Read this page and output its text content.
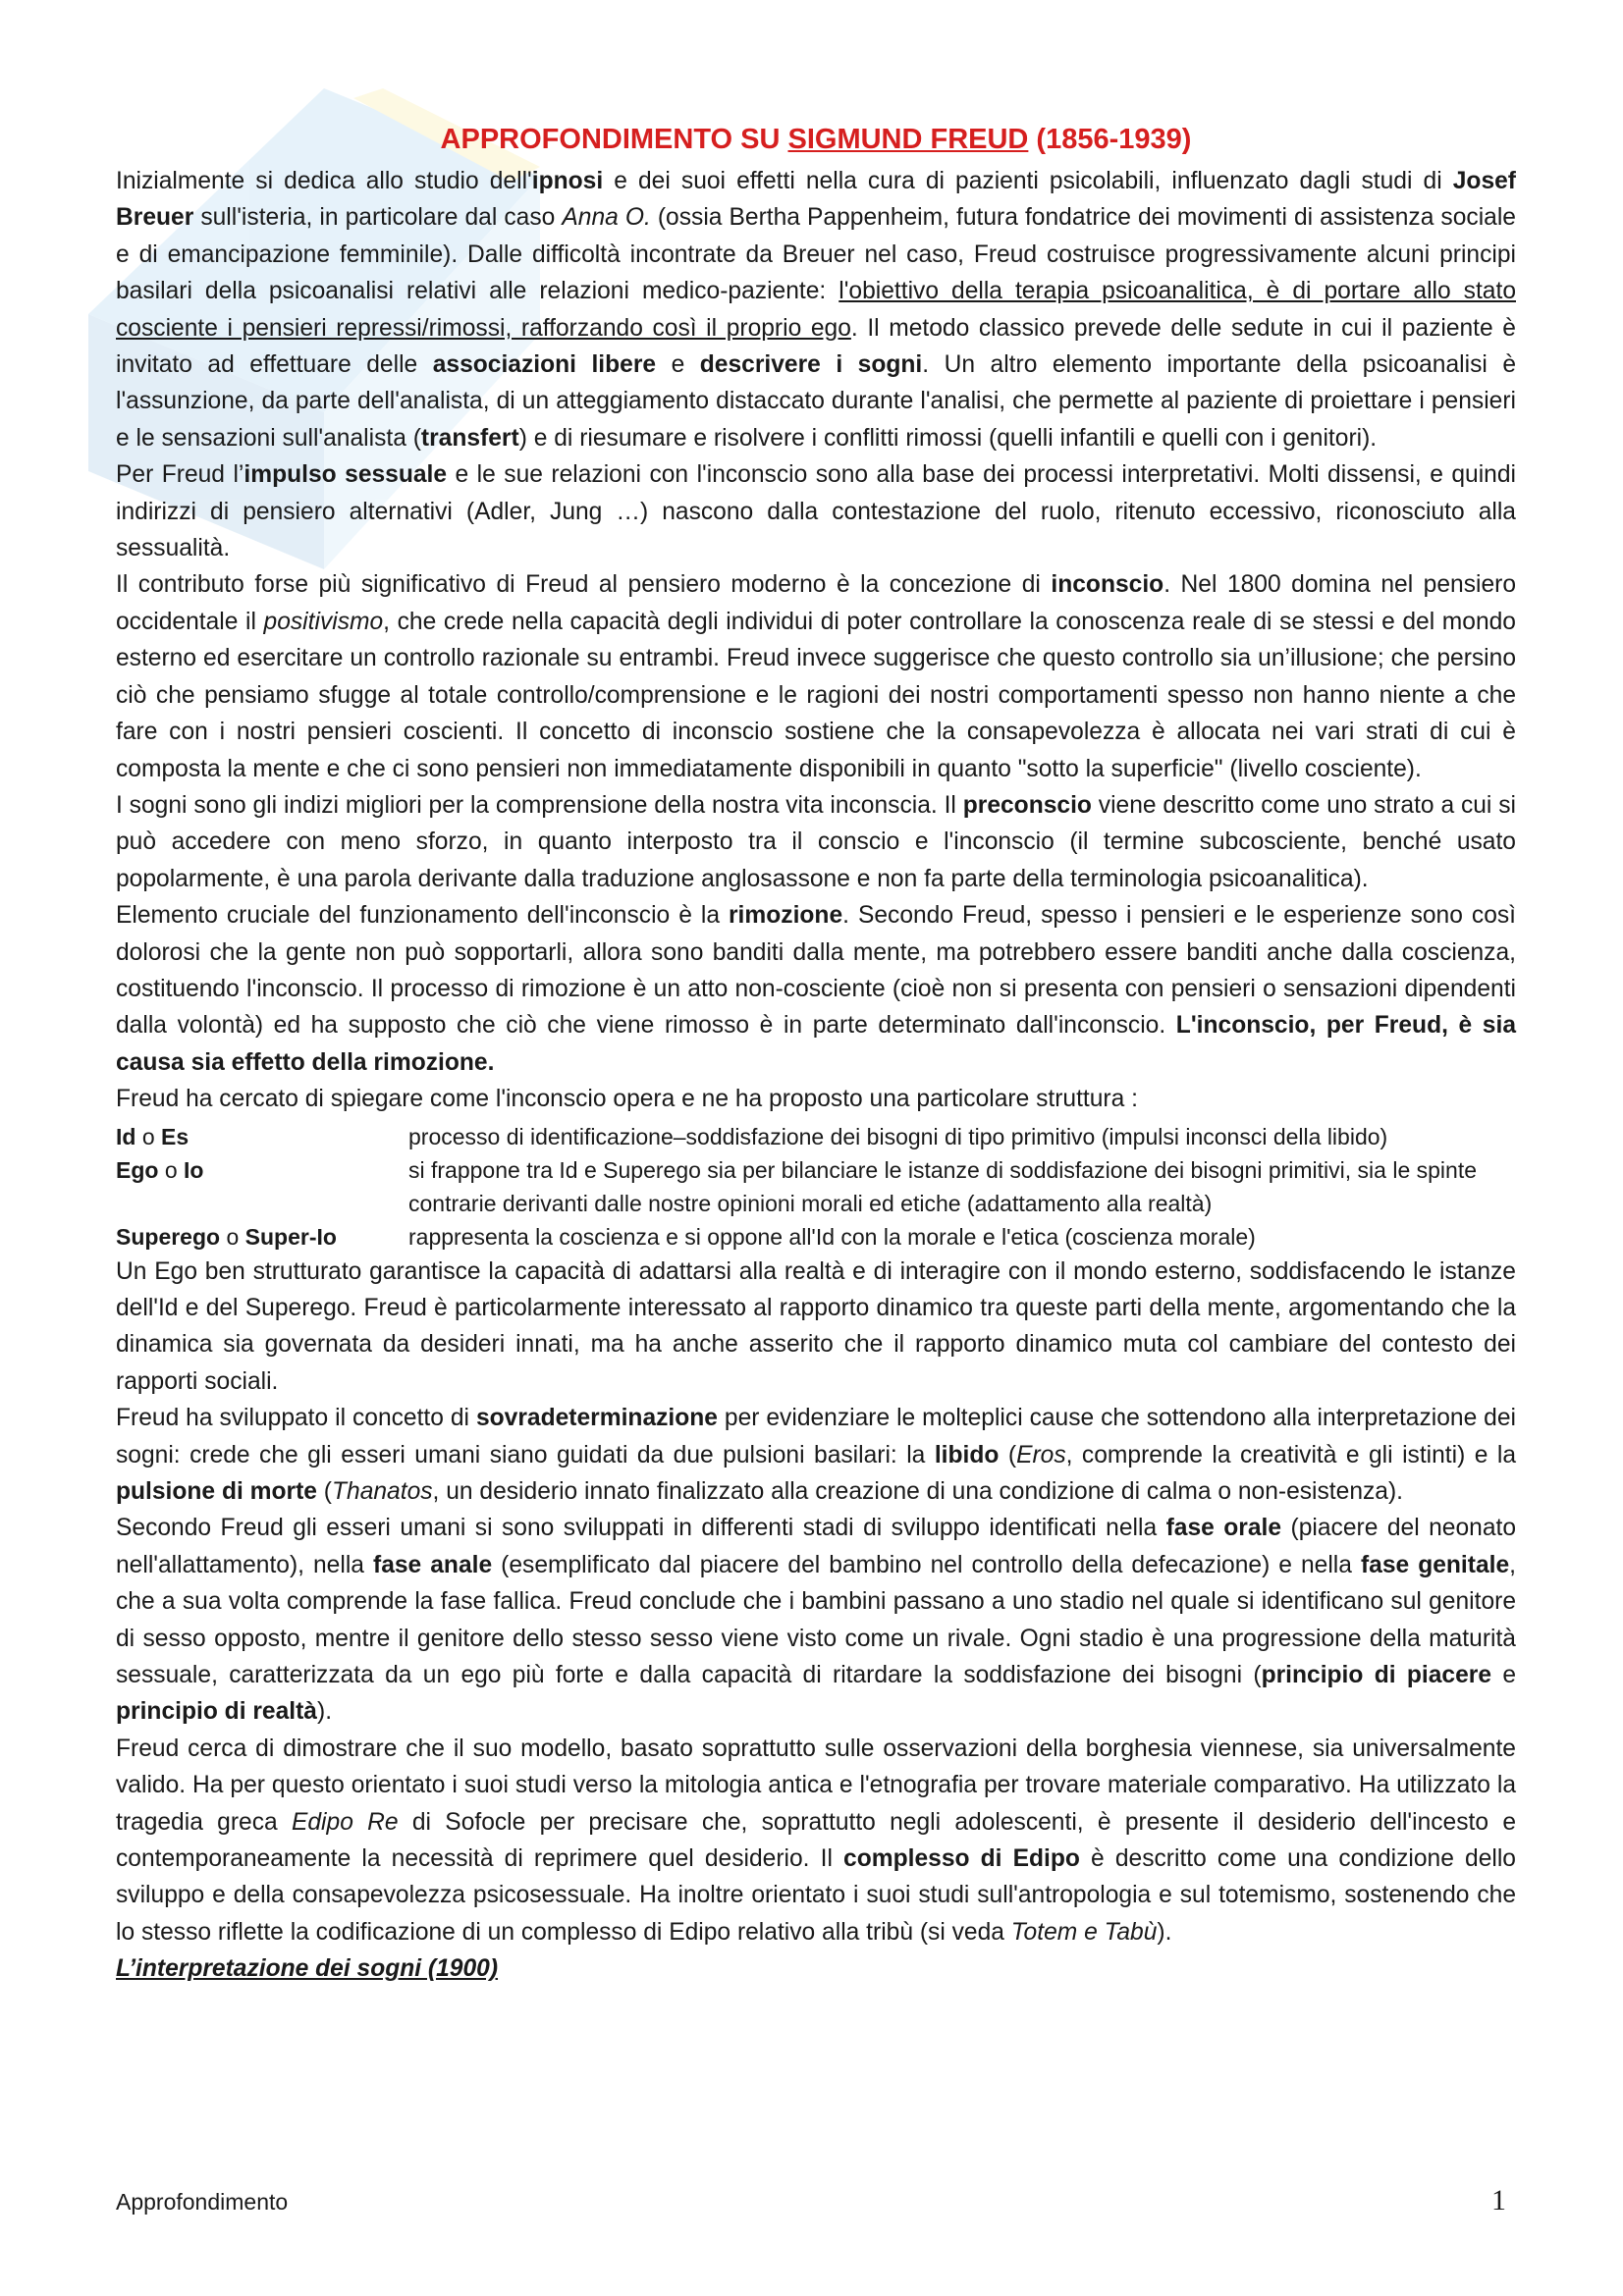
APPROFONDIMENTO SU SIGMUND FREUD (1856-1939)

Inizialmente si dedica allo studio dell'ipnosi e dei suoi effetti nella cura di pazienti psicolabili, influenzato dagli studi di Josef Breuer sull'isteria, in particolare dal caso Anna O. (ossia Bertha Pappenheim, futura fondatrice dei movimenti di assistenza sociale e di emancipazione femminile). Dalle difficoltà incontrate da Breuer nel caso, Freud costruisce progressivamente alcuni principi basilari della psicoanalisi relativi alle relazioni medico-paziente: l'obiettivo della terapia psicoanalitica, è di portare allo stato cosciente i pensieri repressi/rimossi, rafforzando così il proprio ego. Il metodo classico prevede delle sedute in cui il paziente è invitato ad effettuare delle associazioni libere e descrivere i sogni. Un altro elemento importante della psicoanalisi è l'assunzione, da parte dell'analista, di un atteggiamento distaccato durante l'analisi, che permette al paziente di proiettare i pensieri e le sensazioni sull'analista (transfert) e di riesumare e risolvere i conflitti rimossi (quelli infantili e quelli con i genitori).

Per Freud l’impulso sessuale e le sue relazioni con l'inconscio sono alla base dei processi interpretativi. Molti dissensi, e quindi indirizzi di pensiero alternativi (Adler, Jung …) nascono dalla contestazione del ruolo, ritenuto eccessivo, riconosciuto alla sessualità.

Il contributo forse più significativo di Freud al pensiero moderno è la concezione di inconscio. Nel 1800 domina nel pensiero occidentale il positivismo, che crede nella capacità degli individui di poter controllare la conoscenza reale di se stessi e del mondo esterno ed esercitare un controllo razionale su entrambi. Freud invece suggerisce che questo controllo sia un’illusione; che persino ciò che pensiamo sfugge al totale controllo/comprensione e le ragioni dei nostri comportamenti spesso non hanno niente a che fare con i nostri pensieri coscienti. Il concetto di inconscio sostiene che la consapevolezza è allocata nei vari strati di cui è composta la mente e che ci sono pensieri non immediatamente disponibili in quanto "sotto la superficie" (livello cosciente).

I sogni sono gli indizi migliori per la comprensione della nostra vita inconscia. Il preconscio viene descritto come uno strato a cui si può accedere con meno sforzo, in quanto interposto tra il conscio e l'inconscio (il termine subcosciente, benché usato popolarmente, è una parola derivante dalla traduzione anglosassone e non fa parte della terminologia psicoanalitica).

Elemento cruciale del funzionamento dell'inconscio è la rimozione. Secondo Freud, spesso i pensieri e le esperienze sono così dolorosi che la gente non può sopportarli, allora sono banditi dalla mente, ma potrebbero essere banditi anche dalla coscienza, costituendo l'inconscio. Il processo di rimozione è un atto non-cosciente (cioè non si presenta con pensieri o sensazioni dipendenti dalla volontà) ed ha supposto che ciò che viene rimosso è in parte determinato dall'inconscio. L'inconscio, per Freud, è sia causa sia effetto della rimozione.

Freud ha cercato di spiegare come l'inconscio opera e ne ha proposto una particolare struttura :

Id o Es	processo di identificazione–soddisfazione dei bisogni di tipo primitivo (impulsi inconsci della libido)
Ego o Io	si frappone tra Id e Superego sia per bilanciare le istanze di soddisfazione dei bisogni primitivi, sia le spinte contrarie derivanti dalle nostre opinioni morali ed etiche (adattamento alla realtà)
Superego o Super-Io	rappresenta la coscienza e si oppone all'Id con la morale e l'etica (coscienza morale)

Un Ego ben strutturato garantisce la capacità di adattarsi alla realtà e di interagire con il mondo esterno, soddisfacendo le istanze dell'Id e del Superego. Freud è particolarmente interessato al rapporto dinamico tra queste parti della mente, argomentando che la dinamica sia governata da desideri innati, ma ha anche asserito che il rapporto dinamico muta col cambiare del contesto dei rapporti sociali.

Freud ha sviluppato il concetto di sovradeterminazione per evidenziare le molteplici cause che sottendono alla interpretazione dei sogni: crede che gli esseri umani siano guidati da due pulsioni basilari: la libido (Eros, comprende la creatività e gli istinti) e la pulsione di morte (Thanatos, un desiderio innato finalizzato alla creazione di una condizione di calma o non-esistenza).

Secondo Freud gli esseri umani si sono sviluppati in differenti stadi di sviluppo identificati nella fase orale (piacere del neonato nell'allattamento), nella fase anale (esemplificato dal piacere del bambino nel controllo della defecazione) e nella fase genitale, che a sua volta comprende la fase fallica. Freud conclude che i bambini passano a uno stadio nel quale si identificano sul genitore di sesso opposto, mentre il genitore dello stesso sesso viene visto come un rivale. Ogni stadio è una progressione della maturità sessuale, caratterizzata da un ego più forte e dalla capacità di ritardare la soddisfazione dei bisogni (principio di piacere e principio di realtà).

Freud cerca di dimostrare che il suo modello, basato soprattutto sulle osservazioni della borghesia viennese, sia universalmente valido. Ha per questo orientato i suoi studi verso la mitologia antica e l'etnografia per trovare materiale comparativo. Ha utilizzato la tragedia greca Edipo Re di Sofocle per precisare che, soprattutto negli adolescenti, è presente il desiderio dell'incesto e contemporaneamente la necessità di reprimere quel desiderio. Il complesso di Edipo è descritto come una condizione dello sviluppo e della consapevolezza psicosessuale. Ha inoltre orientato i suoi studi sull'antropologia e sul totemismo, sostenendo che lo stesso riflette la codificazione di un complesso di Edipo relativo alla tribù (si veda Totem e Tabù).

L’interpretazione dei sogni (1900)

Approfondimento	1
